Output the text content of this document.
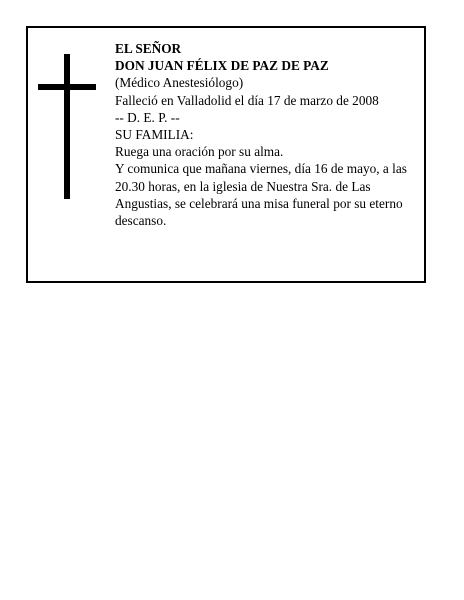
EL SEÑOR
DON JUAN FÉLIX DE PAZ DE PAZ
(Médico Anestesiólogo)
Falleció en Valladolid el día 17 de marzo de 2008
-- D. E. P. --
SU FAMILIA:
Ruega una oración por su alma.
Y comunica que mañana viernes, día 16 de mayo, a las 20.30 horas, en la iglesia de Nuestra Sra. de Las Angustias, se celebrará una misa funeral por su eterno descanso.
